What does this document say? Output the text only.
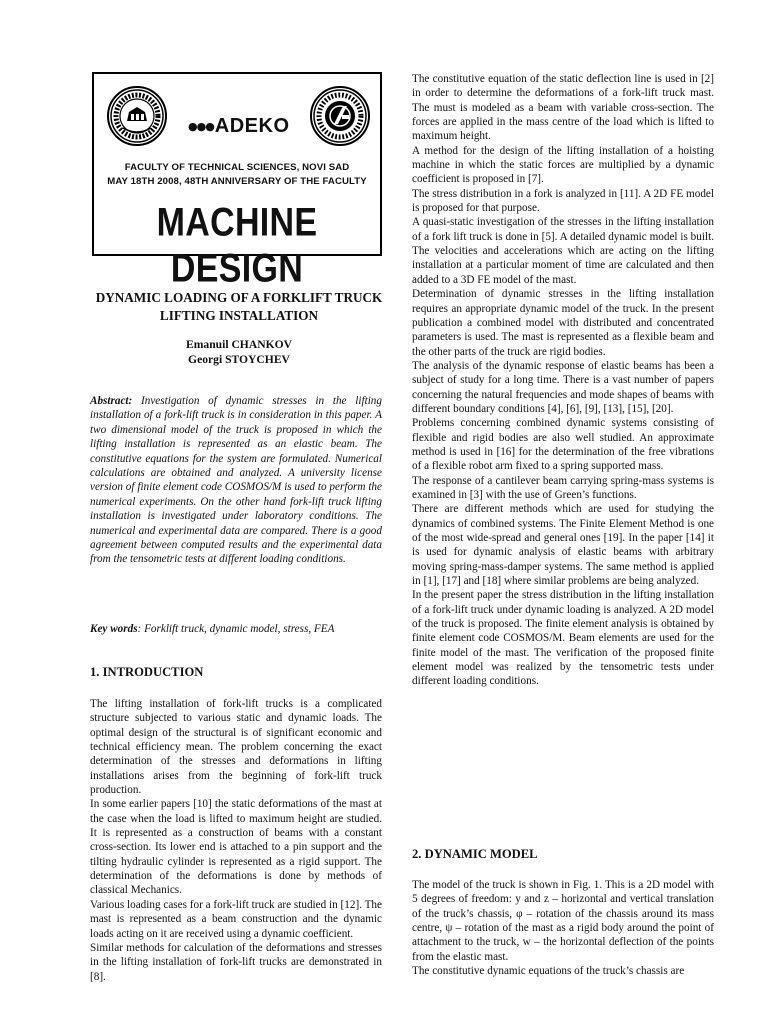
●●● ADEKO
FACULTY OF TECHNICAL SCIENCES, NOVI SAD
MAY 18TH 2008, 48TH ANNIVERSARY OF THE FACULTY
MACHINE DESIGN
DYNAMIC LOADING OF A FORKLIFT TRUCK LIFTING INSTALLATION
Emanuil CHANKOV
Georgi STOYCHEV
Abstract: Investigation of dynamic stresses in the lifting installation of a fork-lift truck is in consideration in this paper. A two dimensional model of the truck is proposed in which the lifting installation is represented as an elastic beam. The constitutive equations for the system are formulated. Numerical calculations are obtained and analyzed. A university license version of finite element code COSMOS/M is used to perform the numerical experiments. On the other hand fork-lift truck lifting installation is investigated under laboratory conditions. The numerical and experimental data are compared. There is a good agreement between computed results and the experimental data from the tensometric tests at different loading conditions.
Key words: Forklift truck, dynamic model, stress, FEA
1. INTRODUCTION

The lifting installation of fork-lift trucks is a complicated structure subjected to various static and dynamic loads. The optimal design of the structural is of significant economic and technical efficiency mean. The problem concerning the exact determination of the stresses and deformations in lifting installations arises from the beginning of fork-lift truck production.

In some earlier papers [10] the static deformations of the mast at the case when the load is lifted to maximum height are studied. It is represented as a construction of beams with a constant cross-section. Its lower end is attached to a pin support and the tilting hydraulic cylinder is represented as a rigid support. The determination of the deformations is done by methods of classical Mechanics.

Various loading cases for a fork-lift truck are studied in [12]. The mast is represented as a beam construction and the dynamic loads acting on it are received using a dynamic coefficient.

Similar methods for calculation of the deformations and stresses in the lifting installation of fork-lift trucks are demonstrated in [8].

The constitutive equation of the static deflection line is used in [2] in order to determine the deformations of a fork-lift truck mast. The must is modeled as a beam with variable cross-section. The forces are applied in the mass centre of the load which is lifted to maximum height.

A method for the design of the lifting installation of a hoisting machine in which the static forces are multiplied by a dynamic coefficient is proposed in [7].

The stress distribution in a fork is analyzed in [11]. A 2D FE model is proposed for that purpose.

A quasi-static investigation of the stresses in the lifting installation of a fork lift truck is done in [5]. A detailed dynamic model is built. The velocities and accelerations which are acting on the lifting installation at a particular moment of time are calculated and then added to a 3D FE model of the mast.

Determination of dynamic stresses in the lifting installation requires an appropriate dynamic model of the truck. In the present publication a combined model with distributed and concentrated parameters is used. The mast is represented as a flexible beam and the other parts of the truck are rigid bodies.

The analysis of the dynamic response of elastic beams has been a subject of study for a long time. There is a vast number of papers concerning the natural frequencies and mode shapes of beams with different boundary conditions [4], [6], [9], [13], [15], [20].

Problems concerning combined dynamic systems consisting of flexible and rigid bodies are also well studied. An approximate method is used in [16] for the determination of the free vibrations of a flexible robot arm fixed to a spring supported mass.

The response of a cantilever beam carrying spring-mass systems is examined in [3] with the use of Green’s functions.

There are different methods which are used for studying the dynamics of combined systems. The Finite Element Method is one of the most wide-spread and general ones [19]. In the paper [14] it is used for dynamic analysis of elastic beams with arbitrary moving spring-mass-damper systems. The same method is applied in [1], [17] and [18] where similar problems are being analyzed.

In the present paper the stress distribution in the lifting installation of a fork-lift truck under dynamic loading is analyzed. A 2D model of the truck is proposed. The finite element analysis is obtained by finite element code COSMOS/M. Beam elements are used for the finite model of the mast. The verification of the proposed finite element model was realized by the tensometric tests under different loading conditions.

2. DYNAMIC MODEL

The model of the truck is shown in Fig. 1. This is a 2D model with 5 degrees of freedom: y and z – horizontal and vertical translation of the truck’s chassis, φ – rotation of the chassis around its mass centre, ψ – rotation of the mast as a rigid body around the point of attachment to the truck, w – the horizontal deflection of the points from the elastic mast.

The constitutive dynamic equations of the truck’s chassis are
